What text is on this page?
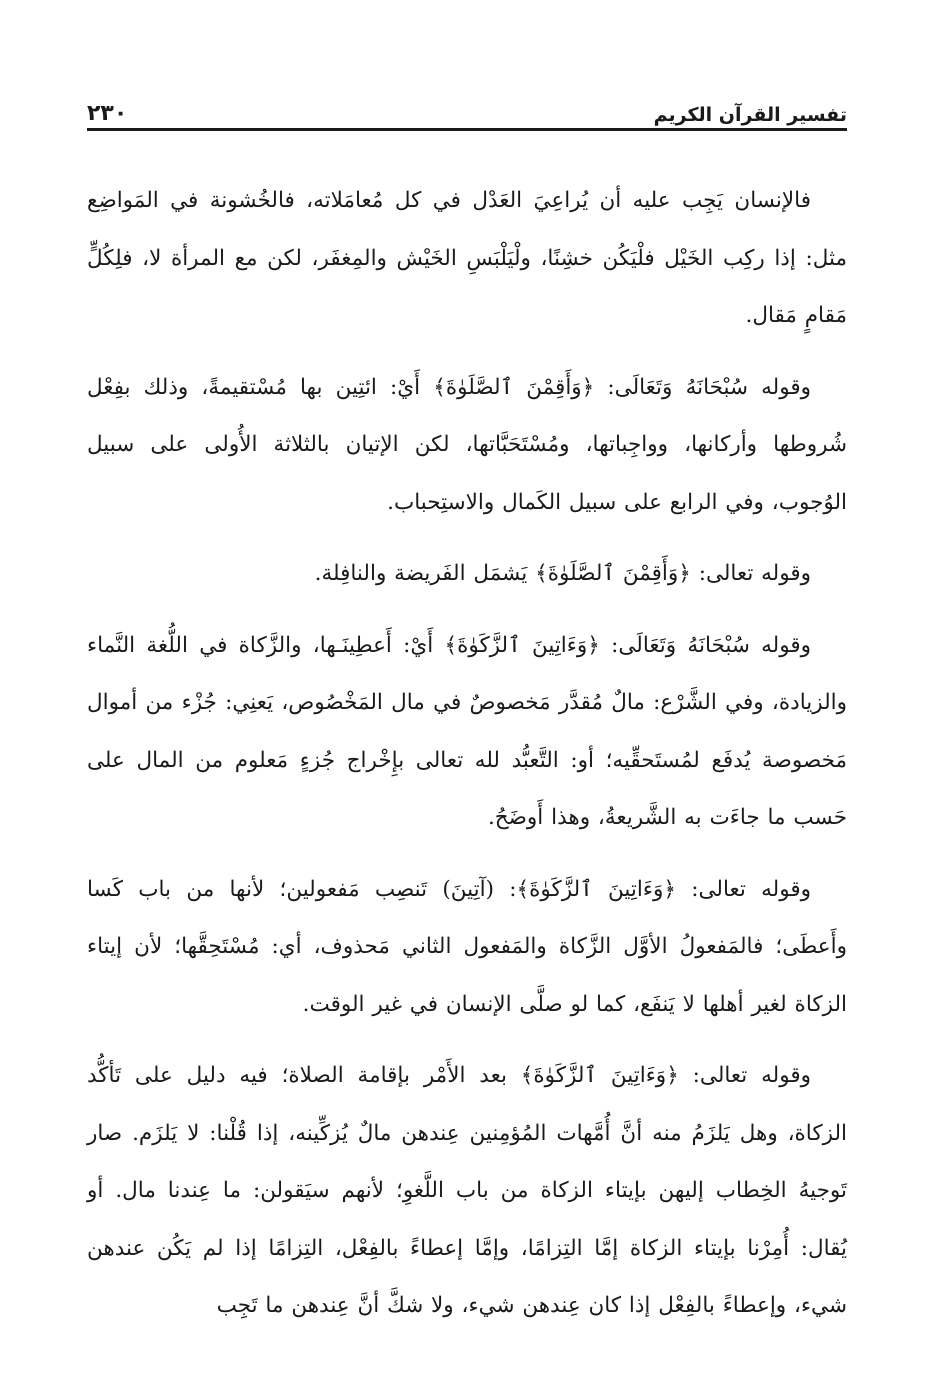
تفسير القرآن الكريم
٢٣٠

فالإنسان يَجِب عليه أن يُراعِيَ العَدْل في كل مُعامَلاته، فالخُشونة في المَواضِع مثل: إذا ركِب الخَيْل فلْيَكُن خشِنًا، ولْيَلْبَسِ الخَيْش والمِغفَر، لكن مع المرأة لا، فلِكُلٍّ مَقامٍ مَقال.

وقوله سُبْحَانَهُ وَتَعَالَى: ﴿وَأَقِمْنَ ٱلصَّلَوٰةَ﴾ أَيْ: ائتِين بها مُسْتقيمةً، وذلك بفِعْل شُروطها وأركانها، وواجِباتها، ومُسْتَحَبَّاتها، لكن الإتيان بالثلاثة الأُولى على سبيل الوُجوب، وفي الرابع على سبيل الكَمال والاستِحباب.

وقوله تعالى: ﴿وَأَقِمْنَ ٱلصَّلَوٰةَ﴾ يَشمَل الفَريضة والنافِلة.

وقوله سُبْحَانَهُ وَتَعَالَى: ﴿وَءَاتِينَ ٱلزَّكَوٰةَ﴾ أَيْ: أَعطِينَـها، والزَّكاة في اللُّغة النَّماء والزيادة، وفي الشَّرْع: مالٌ مُقدَّر مَخصوصٌ في مال المَخْصُوص، يَعنِي: جُزْء من أموال مَخصوصة يُدفَع لمُستَحقِّيه؛ أو: التَّعبُّد لله تعالى بإِخْراج جُزءٍ مَعلوم من المال على حَسب ما جاءَت به الشَّريعةُ، وهذا أَوضَحُ.

وقوله تعالى: ﴿وَءَاتِينَ ٱلزَّكَوٰةَ﴾: (آتِينَ) تَنصِب مَفعولين؛ لأنها من باب كَسا وأَعطَى؛ فالمَفعولُ الأوَّل الزَّكاة والمَفعول الثاني مَحذوف، أي: مُسْتَحِقَّها؛ لأن إيتاء الزكاة لغير أهلها لا يَنفَع، كما لو صلَّى الإنسان في غير الوقت.

وقوله تعالى: ﴿وَءَاتِينَ ٱلزَّكَوٰةَ﴾ بعد الأَمْر بإقامة الصلاة؛ فيه دليل على تَأكُّد الزكاة، وهل يَلزَمُ منه أنَّ أُمَّهات المُؤمِنين عِندهن مالٌ يُزكِّينه، إذا قُلْنا: لا يَلزَم. صار تَوجيهُ الخِطاب إليهن بإيتاء الزكاة من باب اللَّغوِ؛ لأنهم سيَقولن: ما عِندنا مال. أو يُقال: أُمِرْنا بإيتاء الزكاة إمَّا التِزامًا، وإمَّا إعطاءً بالفِعْل، التِزامًا إذا لم يَكُن عندهن شيء، وإعطاءً بالفِعْل إذا كان عِندهن شيء، ولا شكَّ أنَّ عِندهن ما تَجِب
